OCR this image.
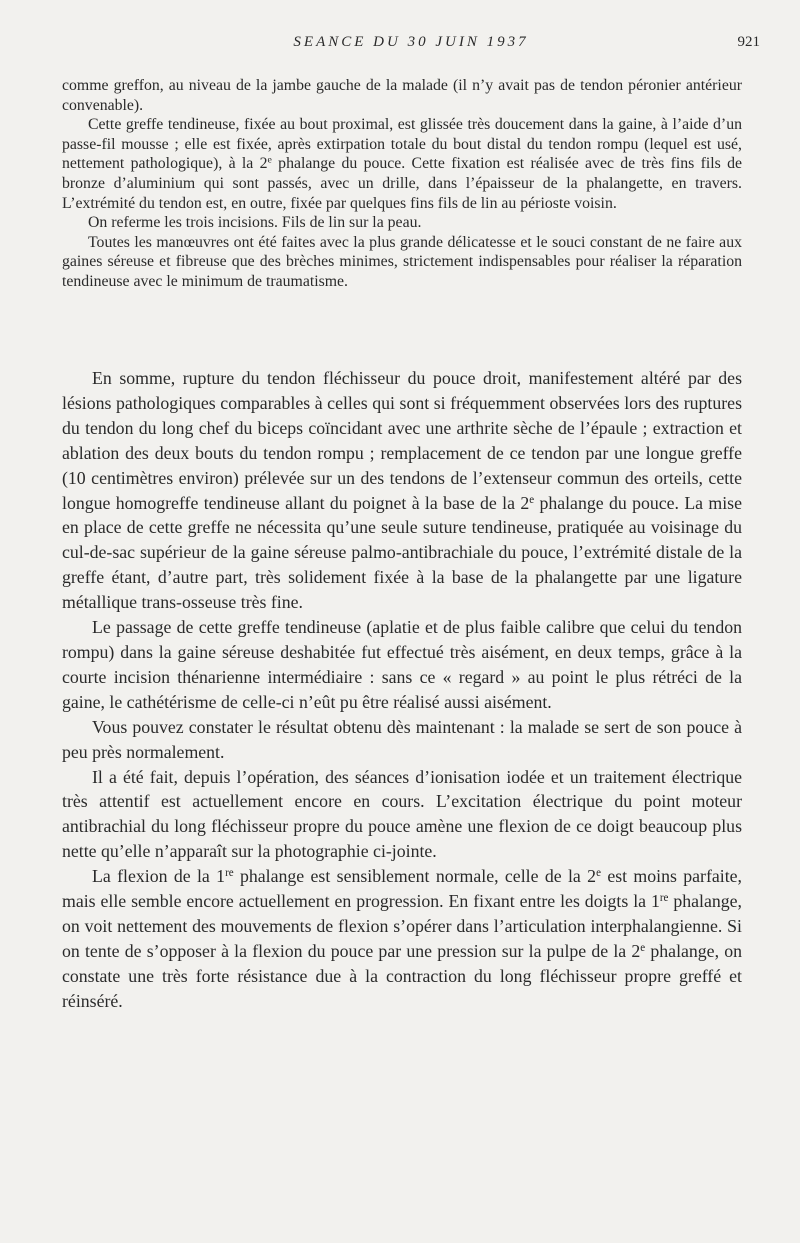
SEANCE DU 30 JUIN 1937	921

comme greffon, au niveau de la jambe gauche de la malade (il n’y avait pas de tendon péronier antérieur convenable).

Cette greffe tendineuse, fixée au bout proximal, est glissée très doucement dans la gaine, à l’aide d’un passe-fil mousse ; elle est fixée, après extirpation totale du bout distal du tendon rompu (lequel est usé, nettement pathologique), à la 2e phalange du pouce. Cette fixation est réalisée avec de très fins fils de bronze d’aluminium qui sont passés, avec un drille, dans l’épaisseur de la phalangette, en travers. L’extrémité du tendon est, en outre, fixée par quelques fins fils de lin au périoste voisin.

On referme les trois incisions. Fils de lin sur la peau.

Toutes les manœuvres ont été faites avec la plus grande délicatesse et le souci constant de ne faire aux gaines séreuse et fibreuse que des brèches minimes, strictement indispensables pour réaliser la réparation tendineuse avec le minimum de traumatisme.

En somme, rupture du tendon fléchisseur du pouce droit, manifestement altéré par des lésions pathologiques comparables à celles qui sont si fréquemment observées lors des ruptures du tendon du long chef du biceps coïncidant avec une arthrite sèche de l’épaule ; extraction et ablation des deux bouts du tendon rompu ; remplacement de ce tendon par une longue greffe (10 centimètres environ) prélevée sur un des tendons de l’extenseur commun des orteils, cette longue homogreffe tendineuse allant du poignet à la base de la 2e phalange du pouce. La mise en place de cette greffe ne nécessita qu’une seule suture tendineuse, pratiquée au voisinage du cul-de-sac supérieur de la gaine séreuse palmo-antibrachiale du pouce, l’extrémité distale de la greffe étant, d’autre part, très solidement fixée à la base de la phalangette par une ligature métallique trans-osseuse très fine.

Le passage de cette greffe tendineuse (aplatie et de plus faible calibre que celui du tendon rompu) dans la gaine séreuse deshabitée fut effectué très aisément, en deux temps, grâce à la courte incision thénarienne intermédiaire : sans ce « regard » au point le plus rétréci de la gaine, le cathétérisme de celle-ci n’eût pu être réalisé aussi aisément.

Vous pouvez constater le résultat obtenu dès maintenant : la malade se sert de son pouce à peu près normalement.

Il a été fait, depuis l’opération, des séances d’ionisation iodée et un traitement électrique très attentif est actuellement encore en cours. L’excitation électrique du point moteur antibrachial du long fléchisseur propre du pouce amène une flexion de ce doigt beaucoup plus nette qu’elle n’apparaît sur la photographie ci-jointe.

La flexion de la 1re phalange est sensiblement normale, celle de la 2e est moins parfaite, mais elle semble encore actuellement en progression. En fixant entre les doigts la 1re phalange, on voit nettement des mouvements de flexion s’opérer dans l’articulation interphalangienne. Si on tente de s’opposer à la flexion du pouce par une pression sur la pulpe de la 2e phalange, on constate une très forte résistance due à la contraction du long fléchisseur propre greffé et réinséré.
